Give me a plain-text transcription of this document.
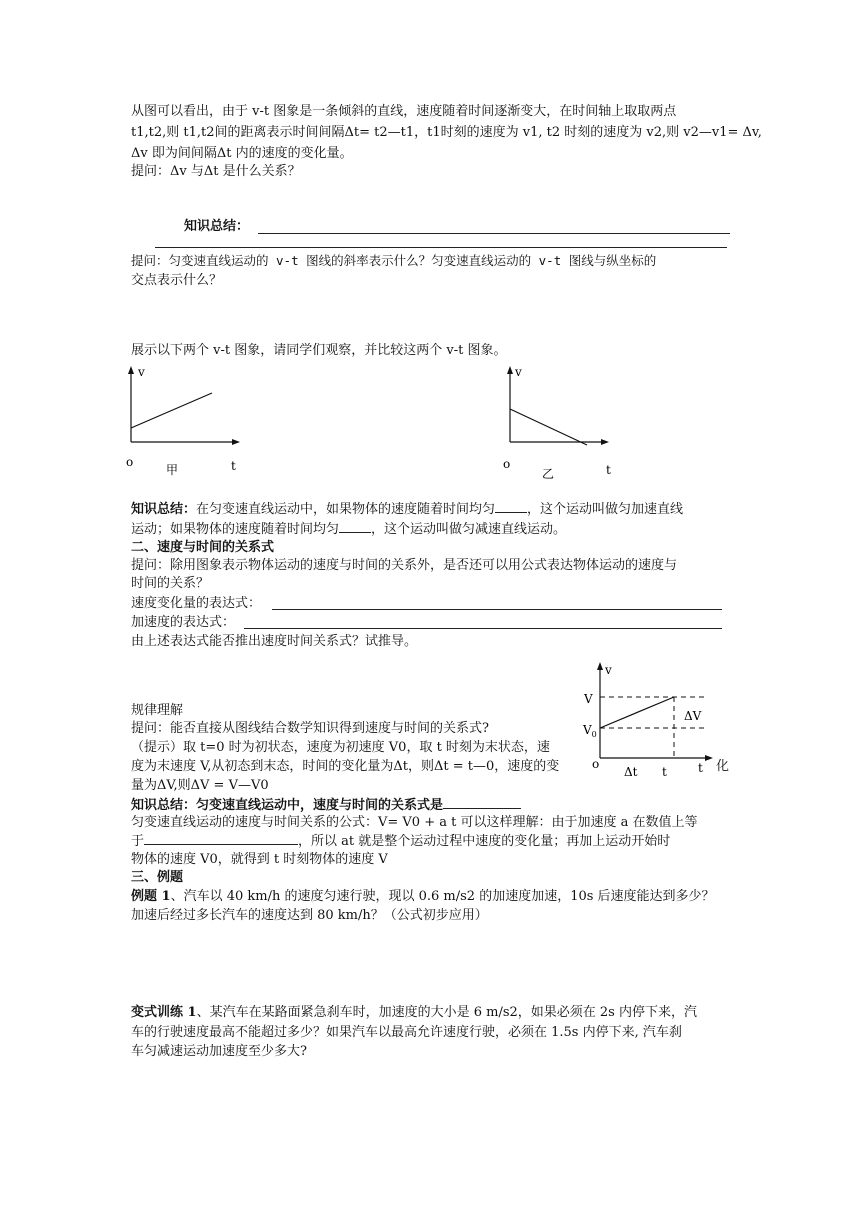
从图可以看出，由于 v-t 图象是一条倾斜的直线，速度随着时间逐渐变大，在时间轴上取取两点
t1,t2,则 t1,t2间的距离表示时间间隔Δt= t2—t1，t1时刻的速度为 v1, t2 时刻的速度为 v2,则 v2—v1= Δv,
Δv 即为间间隔Δt 内的速度的变化量。
提问：Δv 与Δt 是什么关系？
知识总结：
提问：匀变速直线运动的 v-t 图线的斜率表示什么？匀变速直线运动的 v-t 图线与纵坐标的
交点表示什么？
展示以下两个 v-t 图象，请同学们观察，并比较这两个 v-t 图象。
v
o	t
甲
v
o	t
乙
知识总结：在匀变速直线运动中，如果物体的速度随着时间均匀 ，这个运动叫做匀加速直线
运动；如果物体的速度随着时间均匀 ，这个运动叫做匀减速直线运动。
二、速度与时间的关系式
提问：除用图象表示物体运动的速度与时间的关系外，是否还可以用公式表达物体运动的速度与
时间的关系？
速度变化量的表达式：
加速度的表达式：
由上述表达式能否推出速度时间关系式？试推导。
v
V
$V_0$
ΔV
o
Δt t	t
规律理解
提问：能否直接从图线结合数学知识得到速度与时间的关系式?
（提示）取 t=0 时为初状态，速度为初速度 V0，取 t 时刻为末状态，速
度为末速度 V,从初态到末态，时间的变化量为Δt，则Δt = t—0，速度的变	化
量为ΔV,则ΔV = V—V0
知识总结：匀变速直线运动中，速度与时间的关系式是
匀变速直线运动的速度与时间关系的公式：V= V0 + a t 可以这样理解：由于加速度 a 在数值上等
于	，所以 at 就是整个运动过程中速度的变化量；再加上运动开始时
物体的速度 V0，就得到 t 时刻物体的速度 V
三、例题
例题 1、汽车以 40 km/h 的速度匀速行驶，现以 0.6 m/s2 的加速度加速，10s 后速度能达到多少？
加速后经过多长汽车的速度达到 80 km/h？（公式初步应用）
变式训练 1、某汽车在某路面紧急刹车时，加速度的大小是 6 m/s2，如果必须在 2s 内停下来，汽
车的行驶速度最高不能超过多少？如果汽车以最高允许速度行驶，必须在 1.5s 内停下来, 汽车刹
车匀减速运动加速度至少多大?
